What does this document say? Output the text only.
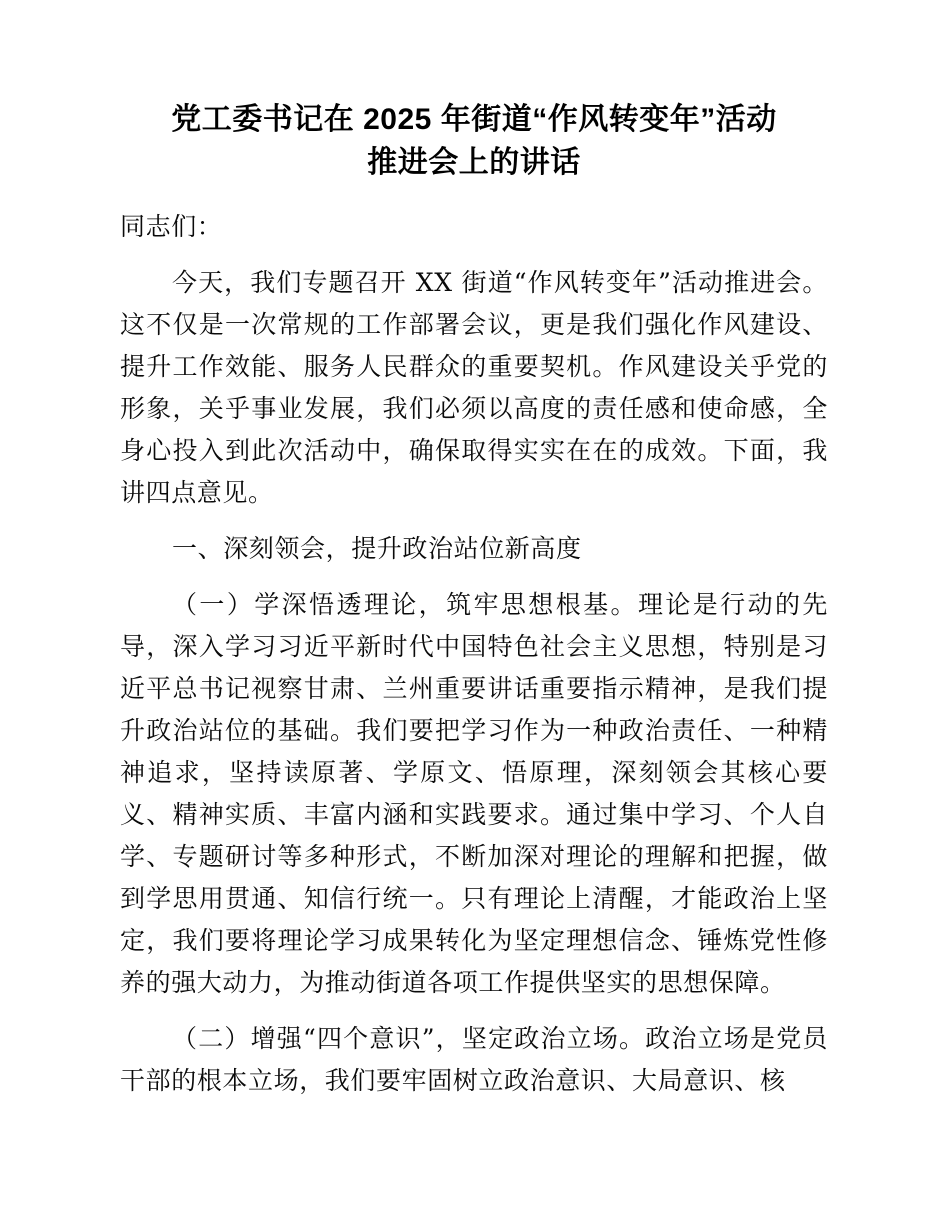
党工委书记在 2025 年街道“作风转变年”活动
推进会上的讲话

同志们：

今天，我们专题召开 XX 街道“作风转变年”活动推进会。这不仅是一次常规的工作部署会议，更是我们强化作风建设、提升工作效能、服务人民群众的重要契机。作风建设关乎党的形象，关乎事业发展，我们必须以高度的责任感和使命感，全身心投入到此次活动中，确保取得实实在在的成效。下面，我讲四点意见。

一、深刻领会，提升政治站位新高度

（一）学深悟透理论，筑牢思想根基。理论是行动的先导，深入学习习近平新时代中国特色社会主义思想，特别是习近平总书记视察甘肃、兰州重要讲话重要指示精神，是我们提升政治站位的基础。我们要把学习作为一种政治责任、一种精神追求，坚持读原著、学原文、悟原理，深刻领会其核心要义、精神实质、丰富内涵和实践要求。通过集中学习、个人自学、专题研讨等多种形式，不断加深对理论的理解和把握，做到学思用贯通、知信行统一。只有理论上清醒，才能政治上坚定，我们要将理论学习成果转化为坚定理想信念、锤炼党性修养的强大动力，为推动街道各项工作提供坚实的思想保障。

（二）增强“四个意识”，坚定政治立场。政治立场是党员干部的根本立场，我们要牢固树立政治意识、大局意识、核
